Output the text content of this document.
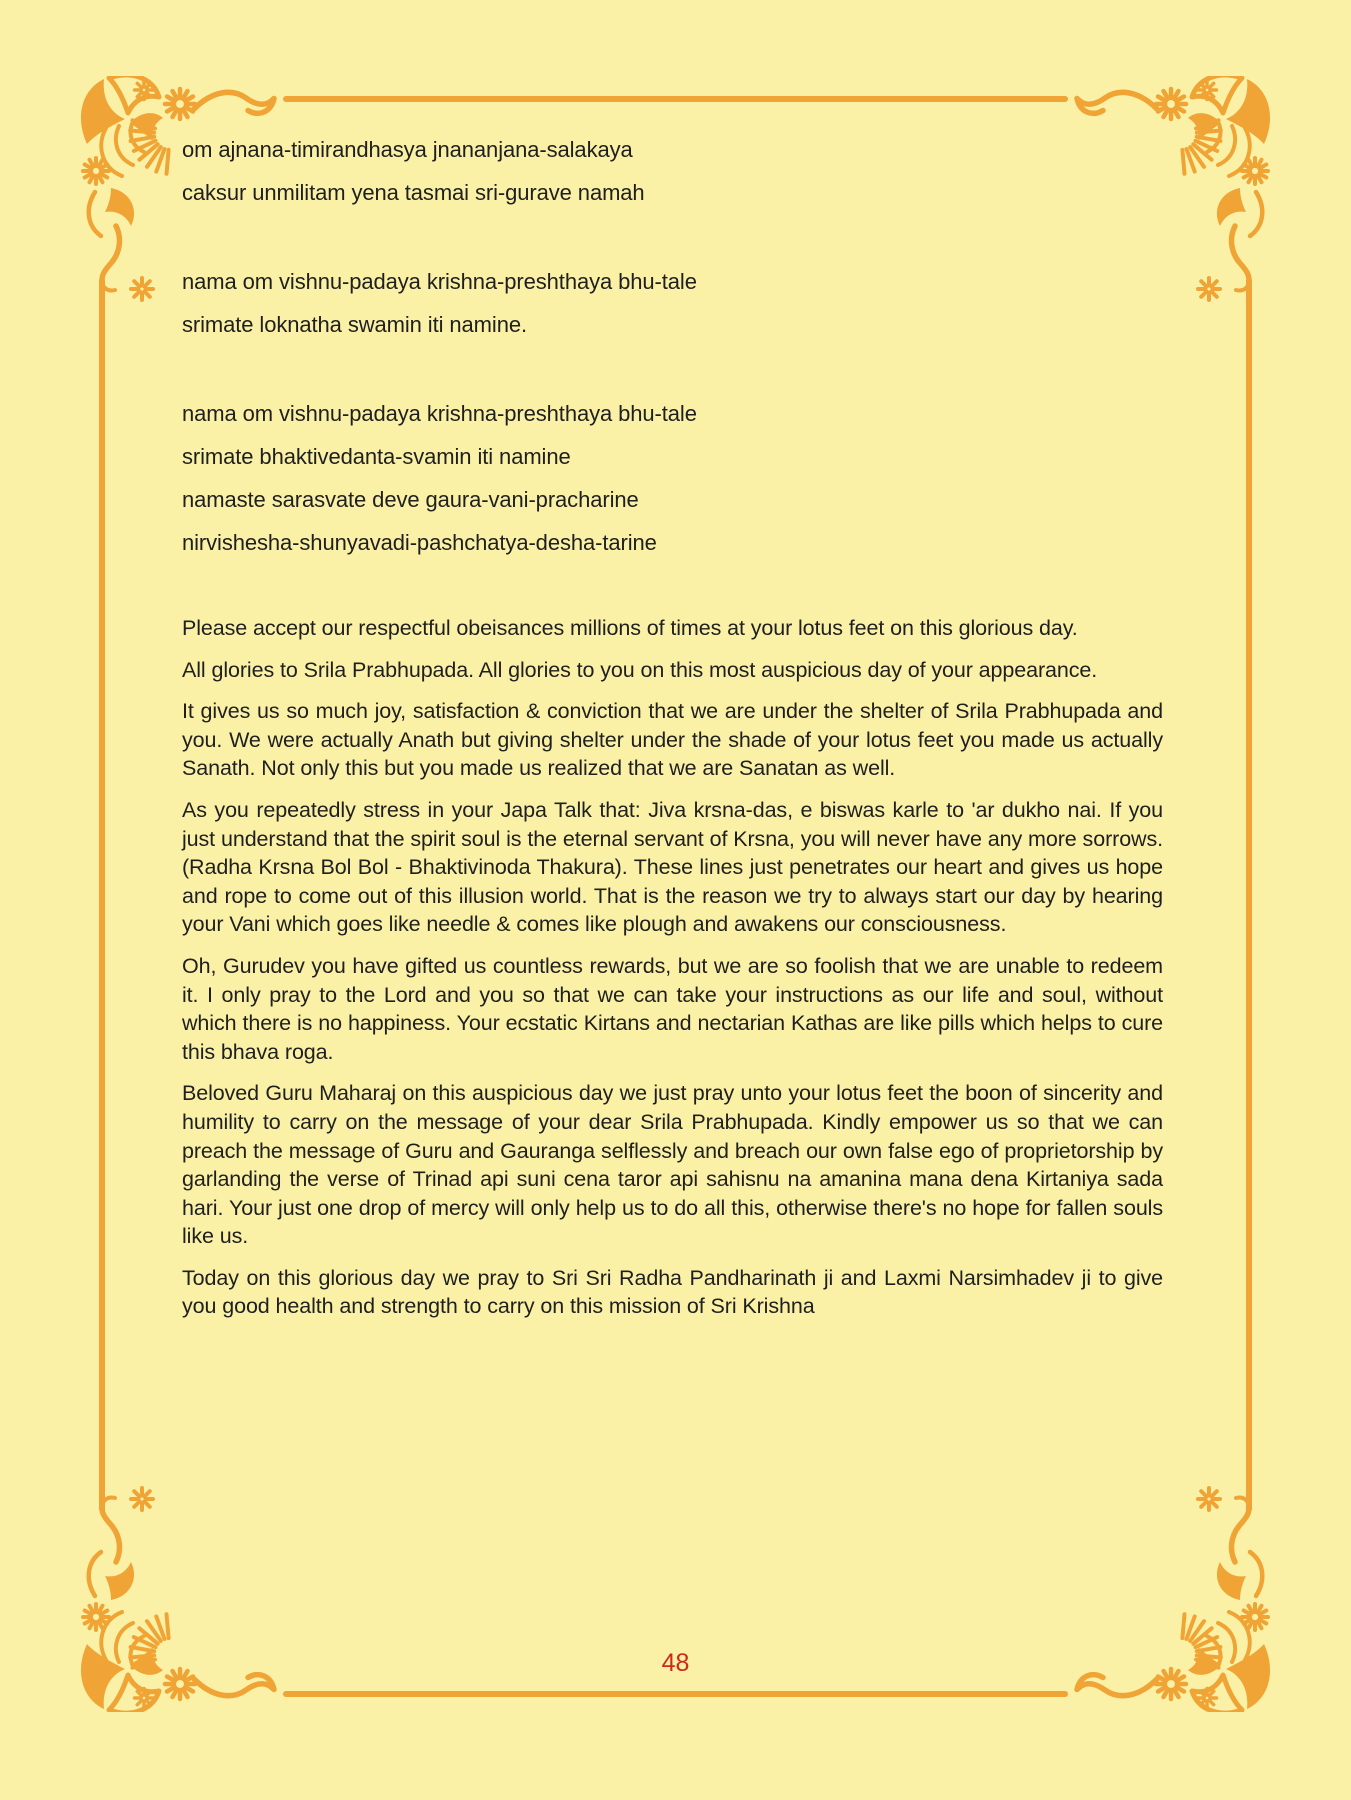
om ajnana-timirandhasya jnananjana-salakaya
caksur unmilitam yena tasmai sri-gurave namah
nama om vishnu-padaya krishna-preshthaya bhu-tale
srimate loknatha swamin iti namine.
nama om vishnu-padaya krishna-preshthaya bhu-tale
srimate bhaktivedanta-svamin iti namine
namaste sarasvate deve gaura-vani-pracharine
nirvishesha-shunyavadi-pashchatya-desha-tarine

Please accept our respectful obeisances millions of times at your lotus feet on this glorious day.

All glories to Srila Prabhupada. All glories to you on this most auspicious day of your appearance.

It gives us so much joy, satisfaction & conviction that we are under the shelter of Srila Prabhupada and you. We were actually Anath but giving shelter under the shade of your lotus feet you made us actually Sanath. Not only this but you made us realized that we are Sanatan as well.

As you repeatedly stress in your Japa Talk that: Jiva krsna-das, e biswas karle to 'ar dukho nai. If you just understand that the spirit soul is the eternal servant of Krsna, you will never have any more sorrows. (Radha Krsna Bol Bol - Bhaktivinoda Thakura). These lines just penetrates our heart and gives us hope and rope to come out of this illusion world. That is the reason we try to always start our day by hearing your Vani which goes like needle & comes like plough and awakens our consciousness.

Oh, Gurudev you have gifted us countless rewards, but we are so foolish that we are unable to redeem it. I only pray to the Lord and you so that we can take your instructions as our life and soul, without which there is no happiness. Your ecstatic Kirtans and nectarian Kathas are like pills which helps to cure this bhava roga.

Beloved Guru Maharaj on this auspicious day we just pray unto your lotus feet the boon of sincerity and humility to carry on the message of your dear Srila Prabhupada. Kindly empower us so that we can preach the message of Guru and Gauranga selflessly and breach our own false ego of proprietorship by garlanding the verse of Trinad api suni cena taror api sahisnu na amanina mana dena Kirtaniya sada hari. Your just one drop of mercy will only help us to do all this, otherwise there's no hope for fallen souls like us.

Today on this glorious day we pray to Sri Sri Radha Pandharinath ji and Laxmi Narsimhadev ji to give you good health and strength to carry on this mission of Sri Krishna

48
